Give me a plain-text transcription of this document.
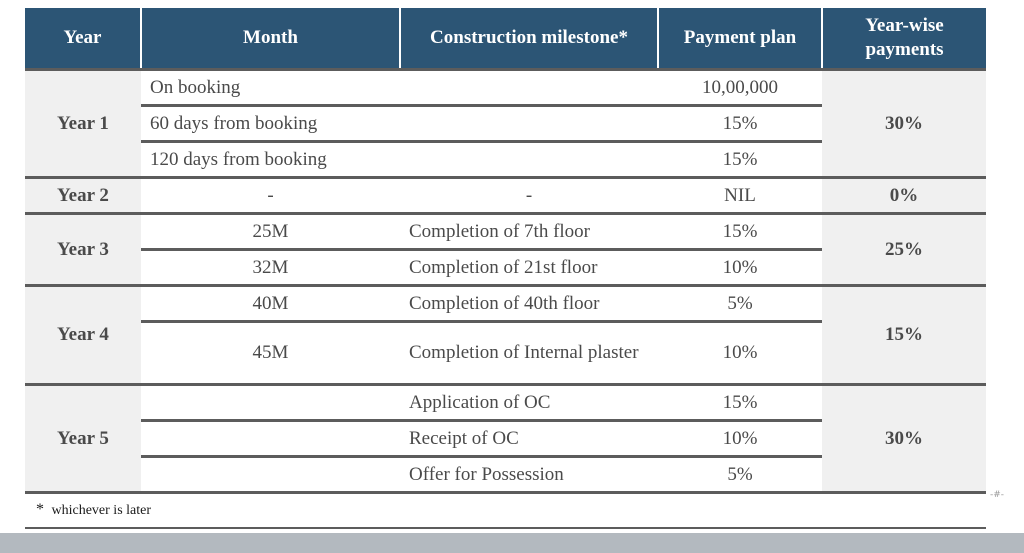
Year	Month	Construction milestone*	Payment plan	Year-wise payments
Year 1	On booking		10,00,000	30%
	60 days from booking		15%	
	120 days from booking		15%	
Year 2	-	-	NIL	0%
Year 3	25M	Completion of 7th floor	15%	25%
	32M	Completion of 21st floor	10%	
Year 4	40M	Completion of 40th floor	5%	15%
	45M	Completion of Internal plaster	10%	
Year 5		Application of OC	15%	30%
		Receipt of OC	10%	
		Offer for Possession	5%	
* whichever is later
-#-
